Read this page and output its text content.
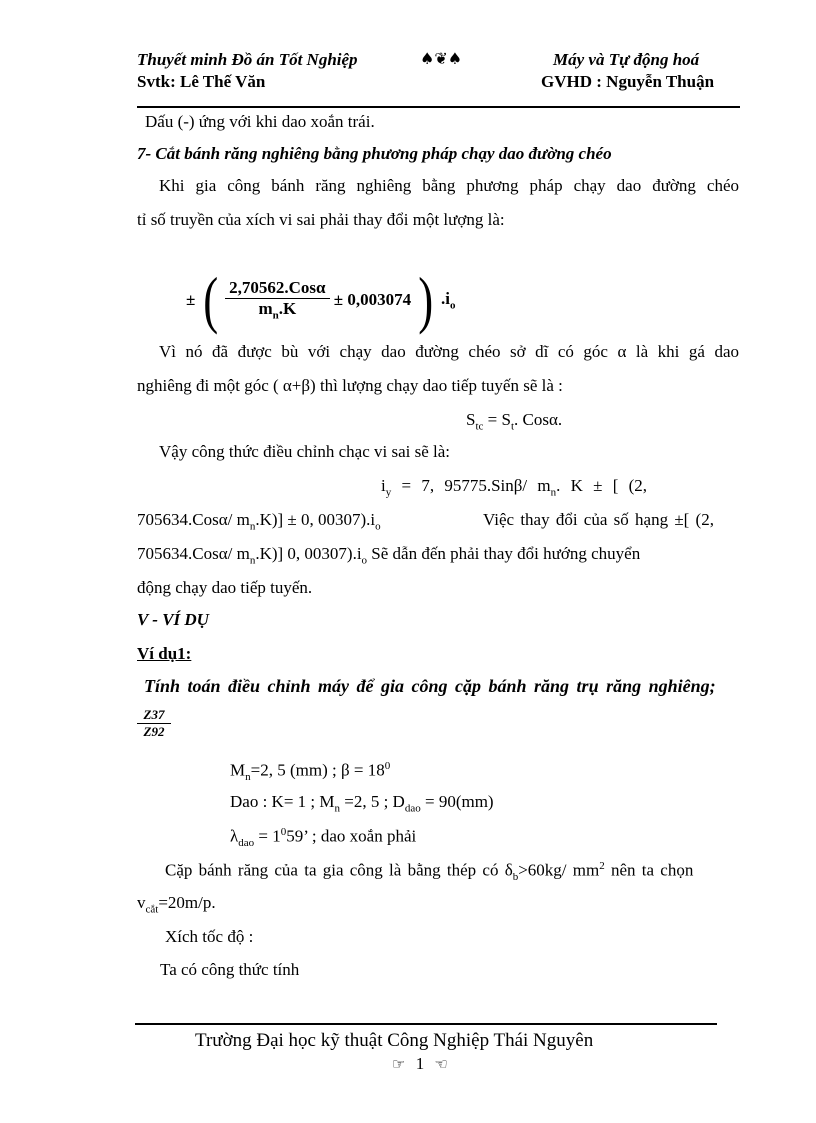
Thuyết minh Đồ án Tốt Nghiệp	♠❦♠	Máy và Tự động hoá
Svtk: Lê Thế Văn	GVHD : Nguyễn Thuận
Dấu (-) ứng với khi dao xoắn trái.
7- Cắt bánh răng nghiêng bằng phương pháp chạy dao đường chéo
Khi gia công bánh răng nghiêng bằng phương pháp chạy dao đường chéo
tỉ số truyền của xích vi sai phải thay đổi một lượng là:
± ( $\frac{\text{2,70562.Cosα}}{m_n.K} \pm 0,003074$ ) $.i_o$
Vì nó đã được bù với chạy dao đường chéo sở dĩ có góc α là khi gá dao
nghiêng đi một góc ( α+β) thì lượng chạy dao tiếp tuyến sẽ là :
$S_{tc} = S_t$. Cosα.
Vậy công thức điều chỉnh chạc vi sai sẽ là:
$i_y = 7$, 95775.Sinβ/ $m_n$. K ± [ (2,
705634.Cosα/ $m_n.K)] \pm 0$, $00307).i_o$	Việc thay đổi của số hạng ±[ (2,
705634.Cosα/ $m_n.K$)] 0, $00307).i_o$ Sẽ dẫn đến phải thay đổi hướng chuyển
động chạy dao tiếp tuyến.
V - VÍ DỤ
Ví dụ1:
Tính toán điều chỉnh máy để gia công cặp bánh răng trụ răng nghiêng;
$\frac{Z37}{Z92}$
$M_n=2$, 5 (mm) ; $\beta = 18^0$
Dao : K= 1 ; $M_n =2$, 5 ; $D_{dao} = 90(mm)$
$\lambda_{dao} = 1^059$’ ; dao xoắn phải
Cặp bánh răng của ta gia công là bằng thép có $\delta_b>60kg/$ $mm^2$ nên ta chọn
$v_{cắt}=20m/p$.
Xích tốc độ :
Ta có công thức tính
Trường Đại học kỹ thuật Công Nghiệp Thái Nguyên
☞ 1 ☜
